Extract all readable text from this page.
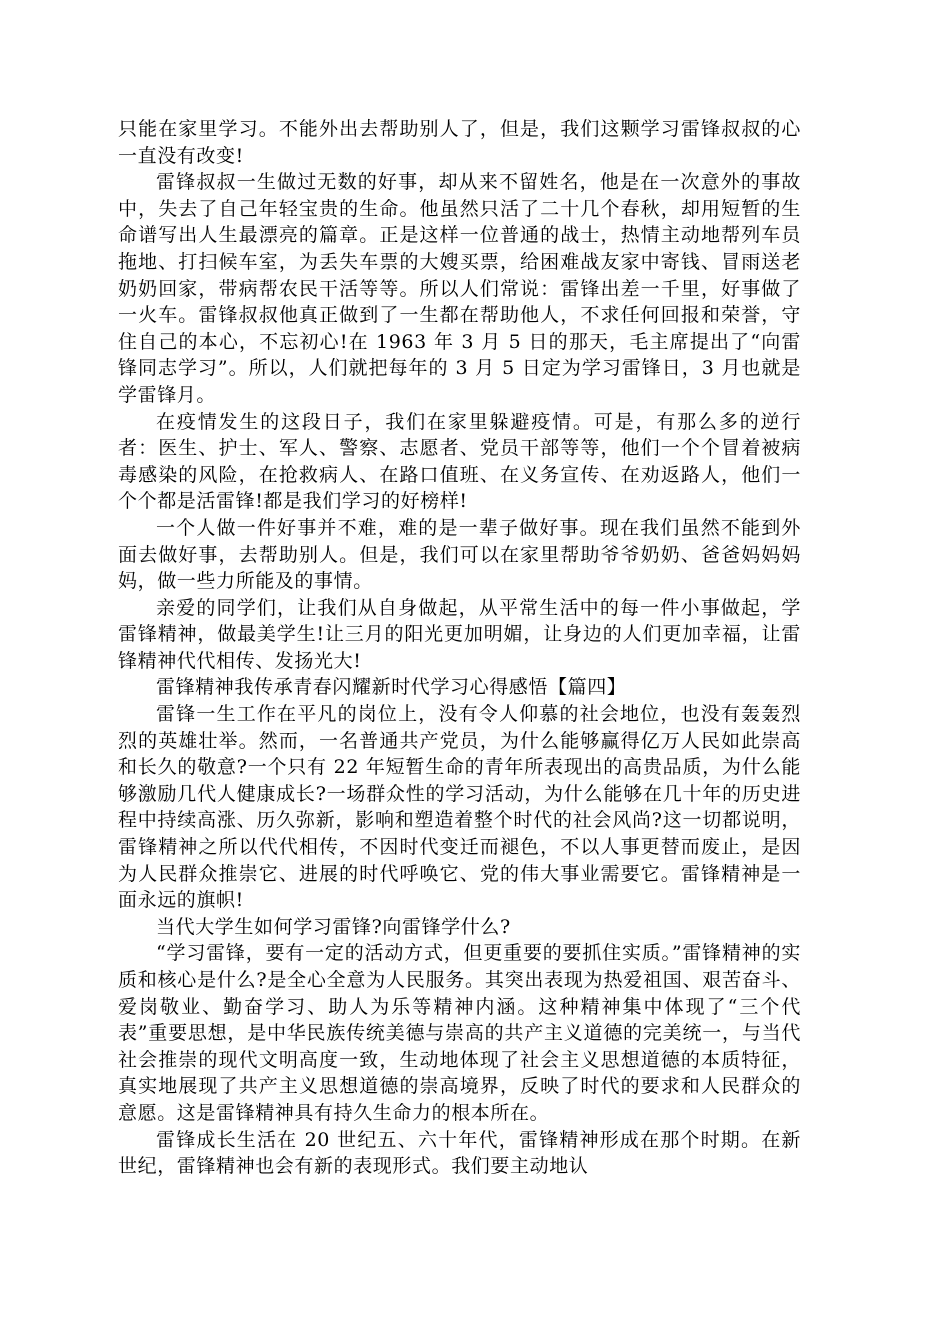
只能在家里学习。不能外出去帮助别人了，但是，我们这颗学习雷锋叔叔的心一直没有改变!

雷锋叔叔一生做过无数的好事，却从来不留姓名，他是在一次意外的事故中，失去了自己年轻宝贵的生命。他虽然只活了二十几个春秋，却用短暂的生命谱写出人生最漂亮的篇章。正是这样一位普通的战士，热情主动地帮列车员拖地、打扫候车室，为丢失车票的大嫂买票，给困难战友家中寄钱、冒雨送老奶奶回家，带病帮农民干活等等。所以人们常说：雷锋出差一千里，好事做了一火车。雷锋叔叔他真正做到了一生都在帮助他人，不求任何回报和荣誉，守住自己的本心，不忘初心!在 1963 年 3 月 5 日的那天，毛主席提出了“向雷锋同志学习”。所以，人们就把每年的 3 月 5 日定为学习雷锋日，3 月也就是学雷锋月。

在疫情发生的这段日子，我们在家里躲避疫情。可是，有那么多的逆行者：医生、护士、军人、警察、志愿者、党员干部等等，他们一个个冒着被病毒感染的风险，在抢救病人、在路口值班、在义务宣传、在劝返路人，他们一个个都是活雷锋!都是我们学习的好榜样!

一个人做一件好事并不难，难的是一辈子做好事。现在我们虽然不能到外面去做好事，去帮助别人。但是，我们可以在家里帮助爷爷奶奶、爸爸妈妈妈妈，做一些力所能及的事情。

亲爱的同学们，让我们从自身做起，从平常生活中的每一件小事做起，学雷锋精神，做最美学生!让三月的阳光更加明媚，让身边的人们更加幸福，让雷锋精神代代相传、发扬光大!

雷锋精神我传承青春闪耀新时代学习心得感悟【篇四】

雷锋一生工作在平凡的岗位上，没有令人仰慕的社会地位，也没有轰轰烈烈的英雄壮举。然而，一名普通共产党员，为什么能够赢得亿万人民如此崇高和长久的敬意?一个只有 22 年短暂生命的青年所表现出的高贵品质，为什么能够激励几代人健康成长?一场群众性的学习活动，为什么能够在几十年的历史进程中持续高涨、历久弥新，影响和塑造着整个时代的社会风尚?这一切都说明，雷锋精神之所以代代相传，不因时代变迁而褪色，不以人事更替而废止，是因为人民群众推崇它、进展的时代呼唤它、党的伟大事业需要它。雷锋精神是一面永远的旗帜!

当代大学生如何学习雷锋?向雷锋学什么?

“学习雷锋，要有一定的活动方式，但更重要的要抓住实质。”雷锋精神的实质和核心是什么?是全心全意为人民服务。其突出表现为热爱祖国、艰苦奋斗、爱岗敬业、勤奋学习、助人为乐等精神内涵。这种精神集中体现了“三个代表”重要思想，是中华民族传统美德与崇高的共产主义道德的完美统一，与当代社会推崇的现代文明高度一致，生动地体现了社会主义思想道德的本质特征，真实地展现了共产主义思想道德的崇高境界，反映了时代的要求和人民群众的意愿。这是雷锋精神具有持久生命力的根本所在。

雷锋成长生活在 20 世纪五、六十年代，雷锋精神形成在那个时期。在新世纪，雷锋精神也会有新的表现形式。我们要主动地认
